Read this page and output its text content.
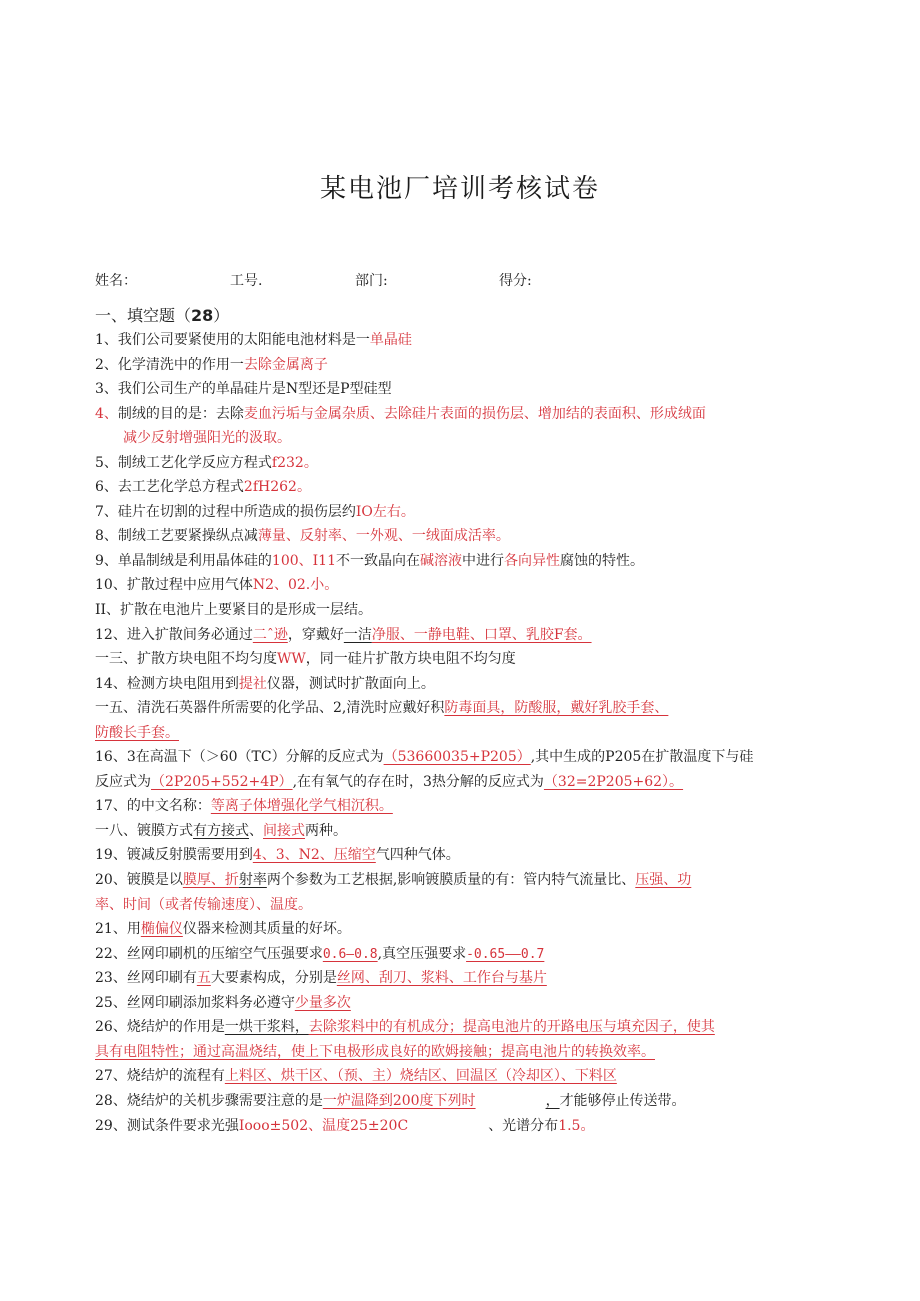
某电池厂培训考核试卷
姓名：	工号.	部门:	得分:
一、填空题（28）
1、我们公司要紧使用的太阳能电池材料是一单晶硅
2、化学清洗中的作用一去除金属离子
3、我们公司生产的单晶硅片是N型还是P型硅型
4、制绒的目的是：去除麦血污垢与金属杂质、去除硅片表面的损伤层、增加结的表面积、形成绒面
减少反射增强阳光的汲取。
5、制绒工艺化学反应方程式f232。
6、去工艺化学总方程式2fH262。
7、硅片在切割的过程中所造成的损伤层约IO左右。
8、制绒工艺要紧操纵点减薄量、反射率、一外观、一绒面成活率。
9、单晶制绒是利用晶体硅的100、I11不一致晶向在碱溶液中进行各向异性腐蚀的特性。
10、扩散过程中应用气体N2、02.小。
II、扩散在电池片上要紧目的是形成一层结。
12、进入扩散间务必通过二ˆ逊，穿戴好一洁净服、一静电鞋、口罩、乳胶F套。
一三、扩散方块电阻不均匀度WW，同一硅片扩散方块电阻不均匀度
14、检测方块电阻用到提社仪器，测试时扩散面向上。
一五、清洗石英器件所需要的化学品、2,清洗时应戴好积防毒面具，防酸服，戴好乳胶手套、
防酸长手套。
16、3在高温下（＞60（TC）分解的反应式为（53660035+P205）,其中生成的P205在扩散温度下与硅
反应式为（2P205+552+4P）,在有氧气的存在时，3热分解的反应式为（32=2P205+62）。
17、的中文名称：等离子体增强化学气相沉积。
一八、镀膜方式有方接式、间接式两种。
19、镀减反射膜需要用到4、3、N2、压缩空气四种气体。
20、镀膜是以膜厚、折射率两个参数为工艺根据,影响镀膜质量的有：管内特气流量比、压强、功
率、时间（或者传输速度）、温度。
21、用椭偏仪仪器来检测其质量的好坏。
22、丝网印刷机的压缩空气压强要求0.6—0.8,真空压强要求-0.65——0.7
23、丝网印刷有五大要素构成，分别是丝网、刮刀、浆料、工作台与基片
25、丝网印刷添加浆料务必遵守少量多次
26、烧结炉的作用是一烘干浆料，去除浆料中的有机成分；提高电池片的开路电压与填充因子，使其
具有电阻特性；通过高温烧结，使上下电极形成良好的欧姆接触；提高电池片的转换效率。
27、烧结炉的流程有上料区、烘干区、（预、主）烧结区、回温区（冷却区）、下料区
28、烧结炉的关机步骤需要注意的是一炉温降到200度下列时	，才能够停止传送带。
29、测试条件要求光强Iooo±502、温度25±20C	、光谱分布1.5。
